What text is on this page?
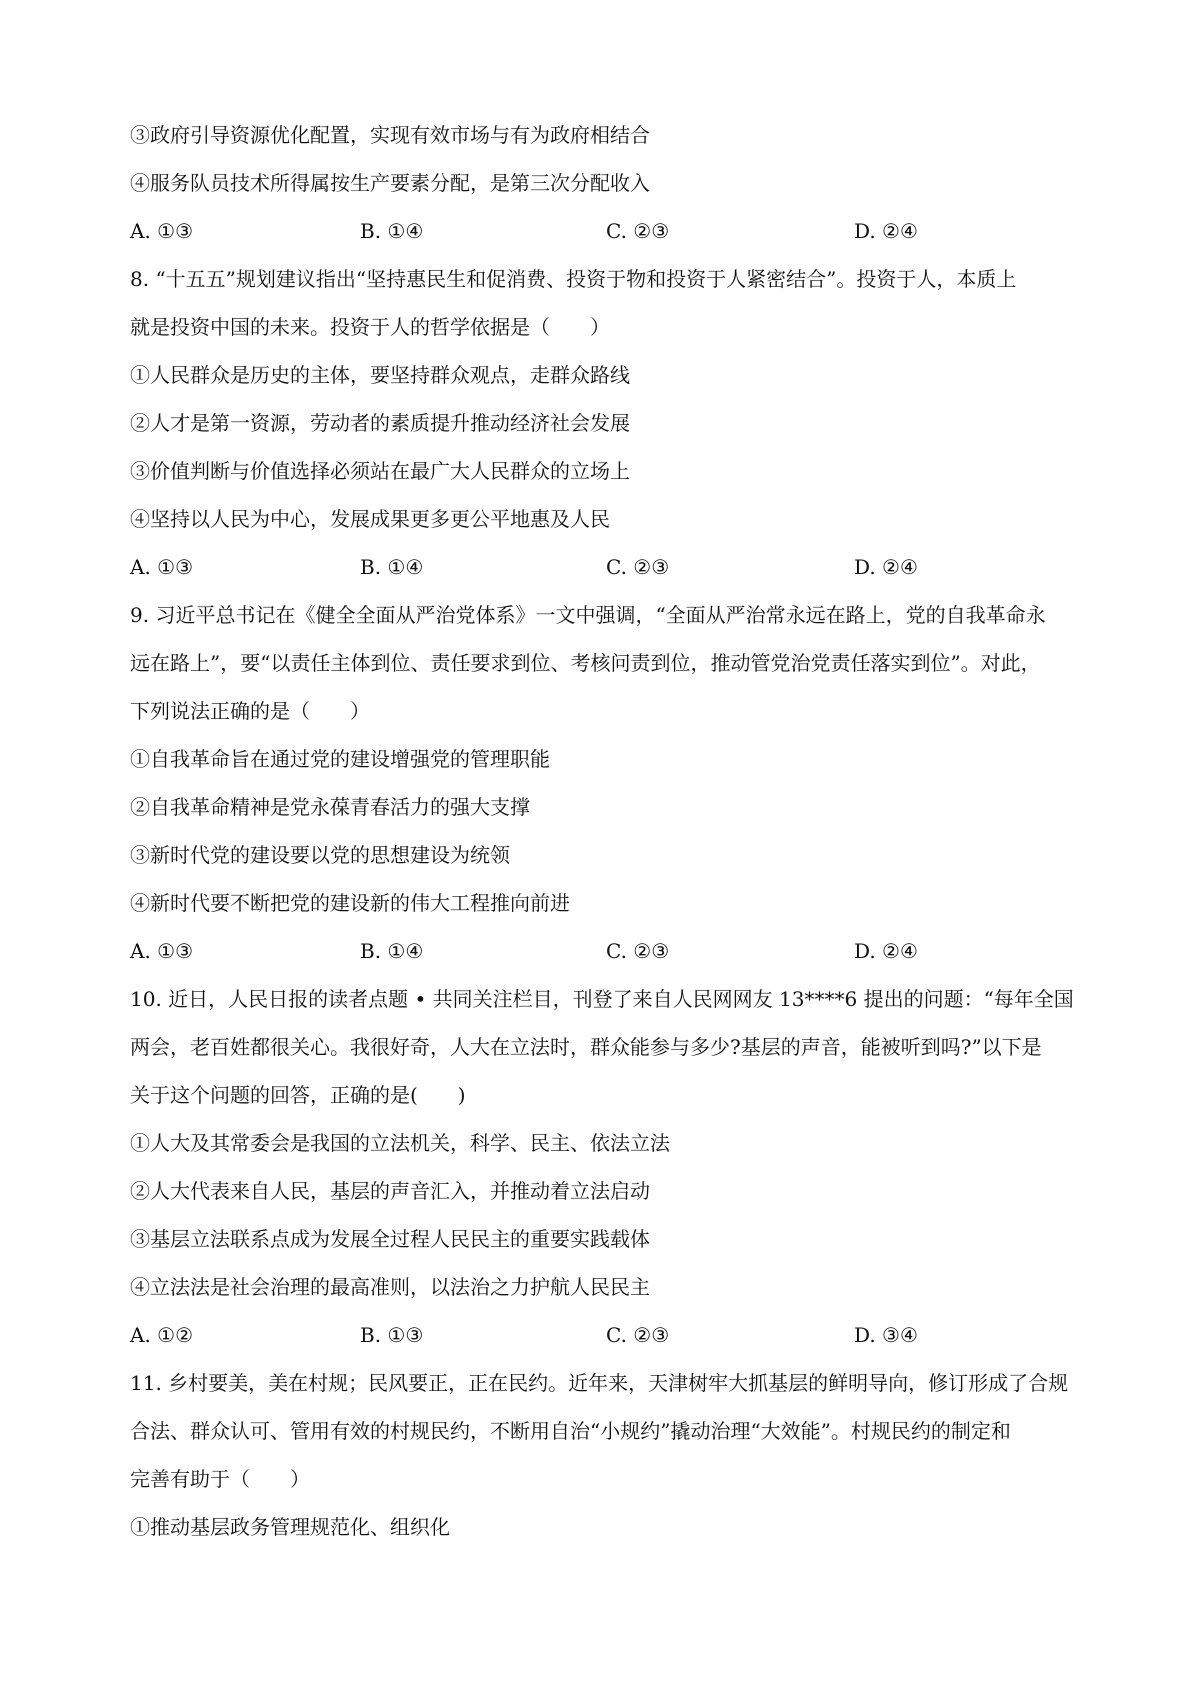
③政府引导资源优化配置，实现有效市场与有为政府相结合
④服务队员技术所得属按生产要素分配，是第三次分配收入
A. ①③	B. ①④	C. ②③	D. ②④
8. “十五五”规划建议指出“坚持惠民生和促消费、投资于物和投资于人紧密结合”。投资于人，本质上
就是投资中国的未来。投资于人的哲学依据是（　　）
①人民群众是历史的主体，要坚持群众观点，走群众路线
②人才是第一资源，劳动者的素质提升推动经济社会发展
③价值判断与价值选择必须站在最广大人民群众的立场上
④坚持以人民为中心，发展成果更多更公平地惠及人民
A. ①③	B. ①④	C. ②③	D. ②④
9. 习近平总书记在《健全全面从严治党体系》一文中强调，“全面从严治常永远在路上，党的自我革命永
远在路上”，要“以责任主体到位、责任要求到位、考核问责到位，推动管党治党责任落实到位”。对此，
下列说法正确的是（　　）
①自我革命旨在通过党的建设增强党的管理职能
②自我革命精神是党永葆青春活力的强大支撑
③新时代党的建设要以党的思想建设为统领
④新时代要不断把党的建设新的伟大工程推向前进
A. ①③	B. ①④	C. ②③	D. ②④
10. 近日，人民日报的读者点题 • 共同关注栏目，刊登了来自人民网网友 13****6 提出的问题：“每年全国
两会，老百姓都很关心。我很好奇，人大在立法时，群众能参与多少?基层的声音，能被听到吗?”以下是
关于这个问题的回答，正确的是(　　)
①人大及其常委会是我国的立法机关，科学、民主、依法立法
②人大代表来自人民，基层的声音汇入，并推动着立法启动
③基层立法联系点成为发展全过程人民民主的重要实践载体
④立法法是社会治理的最高准则，以法治之力护航人民民主
A. ①②	B. ①③	C. ②③	D. ③④
11. 乡村要美，美在村规；民风要正，正在民约。近年来，天津树牢大抓基层的鲜明导向，修订形成了合规
合法、群众认可、管用有效的村规民约，不断用自治“小规约”撬动治理“大效能”。村规民约的制定和
完善有助于（　　）
①推动基层政务管理规范化、组织化
